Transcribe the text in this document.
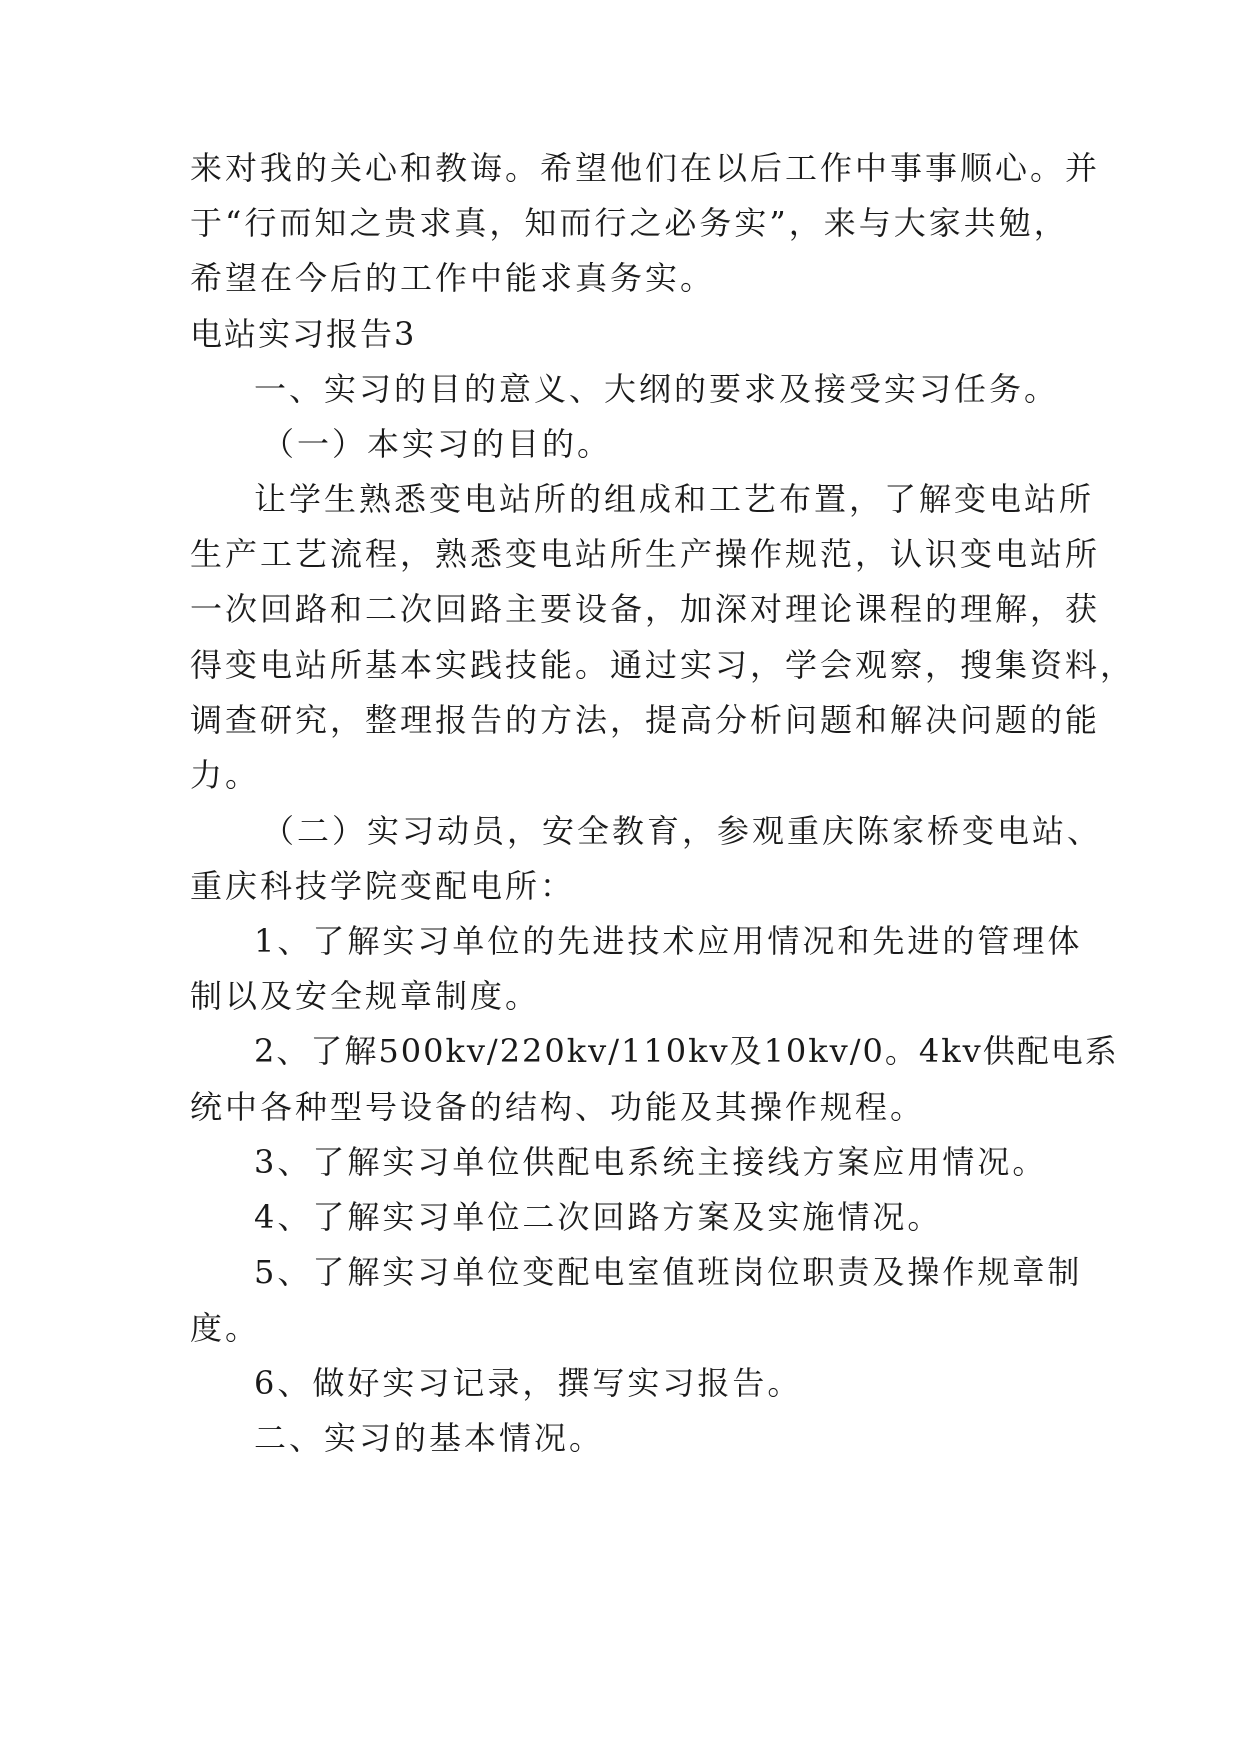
来对我的关心和教诲。希望他们在以后工作中事事顺心。并
于“行而知之贵求真，知而行之必务实”，来与大家共勉，
希望在今后的工作中能求真务实。
电站实习报告3
一、实习的目的意义、大纲的要求及接受实习任务。
（一）本实习的目的。
让学生熟悉变电站所的组成和工艺布置，了解变电站所
生产工艺流程，熟悉变电站所生产操作规范，认识变电站所
一次回路和二次回路主要设备，加深对理论课程的理解，获
得变电站所基本实践技能。通过实习，学会观察，搜集资料，
调查研究，整理报告的方法，提高分析问题和解决问题的能
力。
（二）实习动员，安全教育，参观重庆陈家桥变电站、
重庆科技学院变配电所：
1、了解实习单位的先进技术应用情况和先进的管理体
制以及安全规章制度。
2、了解500kv/220kv/110kv及10kv/0。4kv供配电系
统中各种型号设备的结构、功能及其操作规程。
3、了解实习单位供配电系统主接线方案应用情况。
4、了解实习单位二次回路方案及实施情况。
5、了解实习单位变配电室值班岗位职责及操作规章制
度。
6、做好实习记录，撰写实习报告。
二、实习的基本情况。
